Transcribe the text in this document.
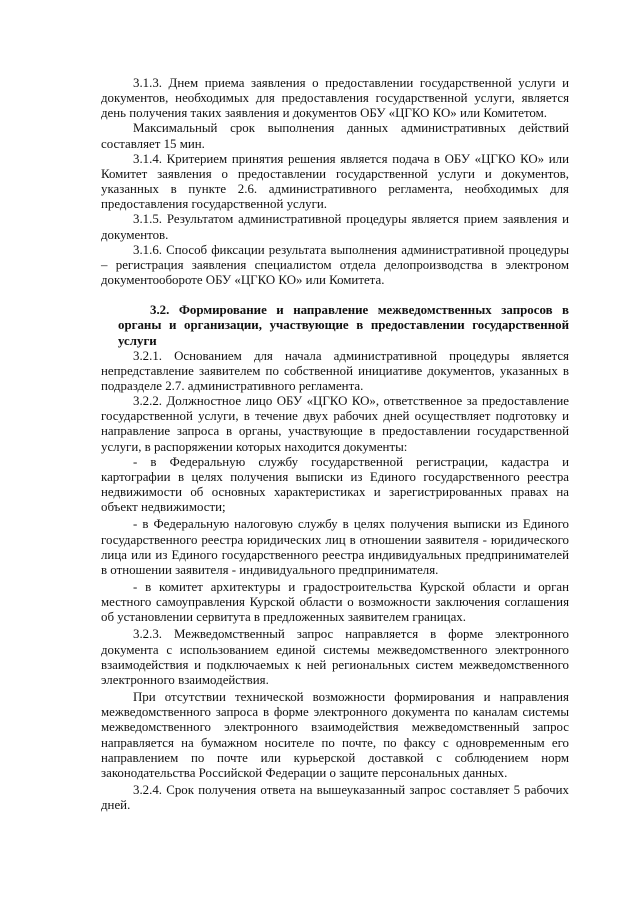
3.1.3. Днем приема заявления о предоставлении государственной услуги и документов, необходимых для предоставления государственной услуги, является день получения таких заявления и документов ОБУ «ЦГКО КО» или Комитетом.

Максимальный срок выполнения данных административных действий составляет 15 мин.

3.1.4. Критерием принятия решения является подача в ОБУ «ЦГКО КО» или Комитет заявления о предоставлении государственной услуги и документов, указанных в пункте 2.6. административного регламента, необходимых для предоставления государственной услуги.

3.1.5. Результатом административной процедуры является прием заявления и документов.

3.1.6. Способ фиксации результата выполнения административной процедуры – регистрация заявления специалистом отдела делопроизводства в электроном документообороте ОБУ «ЦГКО КО» или Комитета.

3.2. Формирование и направление межведомственных запросов в органы и организации, участвующие в предоставлении государственной услуги

3.2.1. Основанием для начала административной процедуры является непредставление заявителем по собственной инициативе документов, указанных в подразделе 2.7. административного регламента.

3.2.2. Должностное лицо ОБУ «ЦГКО КО», ответственное за предоставление государственной услуги, в течение двух рабочих дней осуществляет подготовку и направление запроса в органы, участвующие в предоставлении государственной услуги, в распоряжении которых находится документы:

- в Федеральную службу государственной регистрации, кадастра и картографии в целях получения выписки из Единого государственного реестра недвижимости об основных характеристиках и зарегистрированных правах на объект недвижимости;

- в Федеральную налоговую службу в целях получения выписки из Единого государственного реестра юридических лиц в отношении заявителя - юридического лица или из Единого государственного реестра индивидуальных предпринимателей в отношении заявителя - индивидуального предпринимателя.

- в комитет архитектуры и градостроительства Курской области и орган местного самоуправления Курской области о возможности заключения соглашения об установлении сервитута в предложенных заявителем границах.

3.2.3. Межведомственный запрос направляется в форме электронного документа с использованием единой системы межведомственного электронного взаимодействия и подключаемых к ней региональных систем межведомственного электронного взаимодействия.

При отсутствии технической возможности формирования и направления межведомственного запроса в форме электронного документа по каналам системы межведомственного электронного взаимодействия межведомственный запрос направляется на бумажном носителе по почте, по факсу с одновременным его направлением по почте или курьерской доставкой с соблюдением норм законодательства Российской Федерации о защите персональных данных.

3.2.4. Срок получения ответа на вышеуказанный запрос составляет 5 рабочих дней.
